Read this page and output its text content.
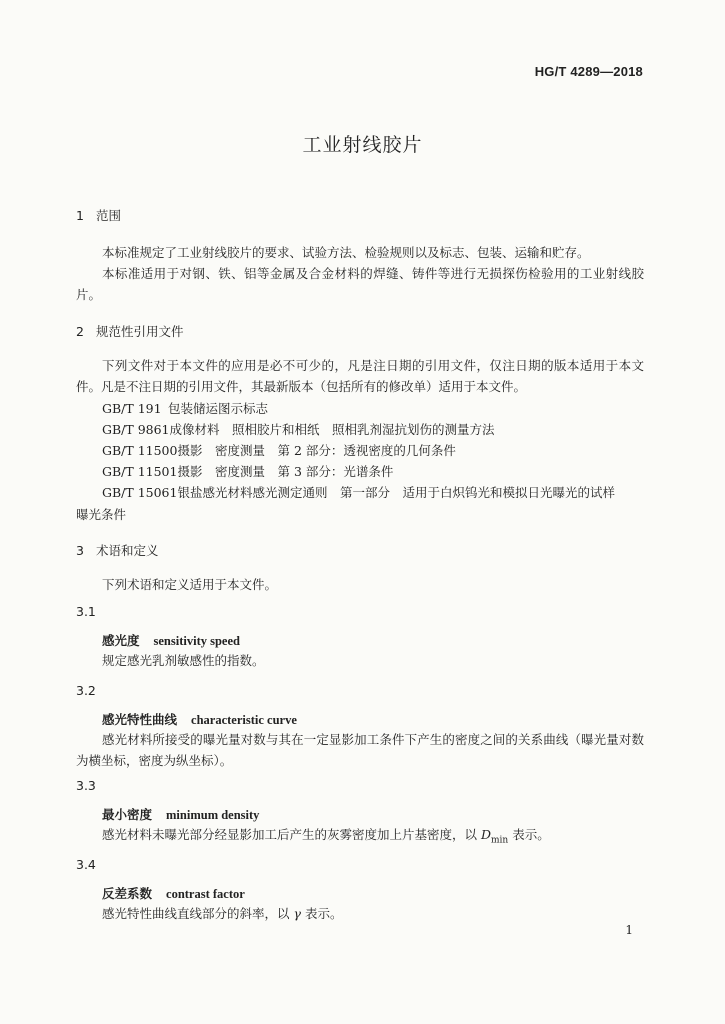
HG/T 4289—2018
工业射线胶片
1 范围
本标准规定了工业射线胶片的要求、试验方法、检验规则以及标志、包装、运输和贮存。
本标准适用于对钢、铁、铝等金属及合金材料的焊缝、铸件等进行无损探伤检验用的工业射线胶片。
2 规范性引用文件
下列文件对于本文件的应用是必不可少的，凡是注日期的引用文件，仅注日期的版本适用于本文件。凡是不注日期的引用文件，其最新版本（包括所有的修改单）适用于本文件。
GB/T 191 包装储运图示标志
GB/T 9861成像材料　照相胶片和相纸　照相乳剂湿抗划伤的测量方法
GB/T 11500摄影　密度测量　第 2 部分：透视密度的几何条件
GB/T 11501摄影　密度测量　第 3 部分：光谱条件
GB/T 15061银盐感光材料感光测定通则　第一部分　适用于白炽钨光和模拟日光曝光的试样
曝光条件
3 术语和定义
下列术语和定义适用于本文件。
3.1
感光度 sensitivity speed
规定感光乳剂敏感性的指数。
3.2
感光特性曲线 characteristic curve
感光材料所接受的曝光量对数与其在一定显影加工条件下产生的密度之间的关系曲线（曝光量对数为横坐标，密度为纵坐标）。
3.3
最小密度 minimum density
感光材料未曝光部分经显影加工后产生的灰雾密度加上片基密度，以 $D_{min}$ 表示。
3.4
反差系数 contrast factor
感光特性曲线直线部分的斜率，以 γ 表示。
1
